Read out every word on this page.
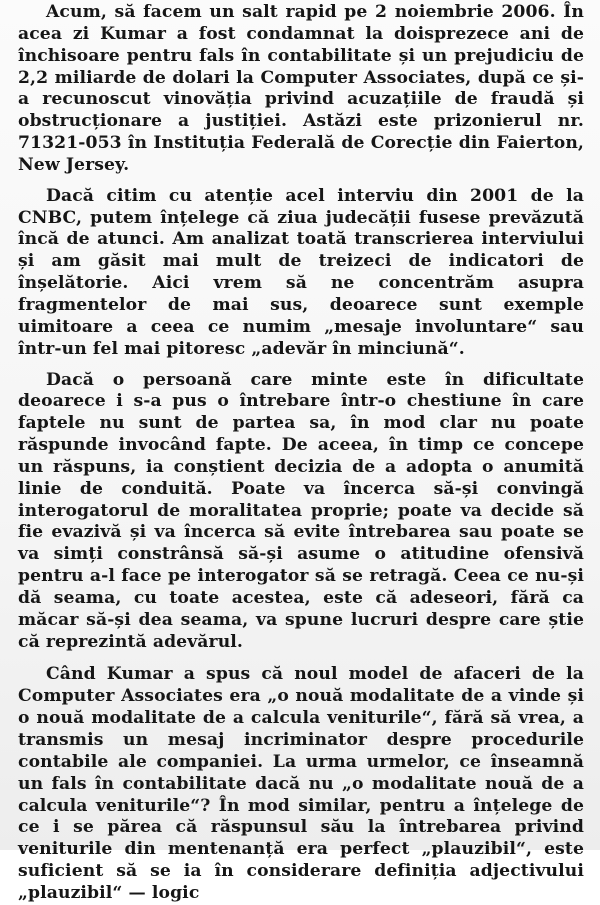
Acum, să facem un salt rapid pe 2 noiembrie 2006. În acea zi Kumar a fost condamnat la doisprezece ani de închisoare pentru fals în contabilitate și un prejudiciu de 2,2 miliarde de dolari la Computer Associates, după ce și-a recunoscut vinovăția privind acuzațiile de fraudă și obstrucționare a justiției. Astăzi este prizonierul nr. 71321-053 în Instituția Federală de Corecție din Faierton, New Jersey.

Dacă citim cu atenție acel interviu din 2001 de la CNBC, putem înțelege că ziua judecății fusese prevăzută încă de atunci. Am analizat toată transcrierea interviului și am găsit mai mult de treizeci de indicatori de înșelătorie. Aici vrem să ne concentrăm asupra fragmentelor de mai sus, deoarece sunt exemple uimitoare a ceea ce numim „mesaje involuntare“ sau într-un fel mai pitoresc „adevăr în minciună“.

Dacă o persoană care minte este în dificultate deoarece i s-a pus o întrebare într-o chestiune în care faptele nu sunt de partea sa, în mod clar nu poate răspunde invocând fapte. De aceea, în timp ce concepe un răspuns, ia conștient decizia de a adopta o anumită linie de conduită. Poate va încerca să-și convingă interogatorul de moralitatea proprie; poate va decide să fie evazivă și va încerca să evite întrebarea sau poate se va simți constrânsă să-și asume o atitudine ofensivă pentru a-l face pe interogator să se retragă. Ceea ce nu-și dă seama, cu toate acestea, este că adeseori, fără ca măcar să-și dea seama, va spune lucruri despre care știe că reprezintă adevărul.

Când Kumar a spus că noul model de afaceri de la Computer Associates era „o nouă modalitate de a vinde și o nouă modalitate de a calcula veniturile“, fără să vrea, a transmis un mesaj incriminator despre procedurile contabile ale companiei. La urma urmelor, ce înseamnă un fals în contabilitate dacă nu „o modalitate nouă de a calcula veniturile“? În mod similar, pentru a înțelege de ce i se părea că răspunsul său la întrebarea privind veniturile din mentenanță era perfect „plauzibil“, este suficient să se ia în considerare definiția adjectivului „plauzibil“ — logic
